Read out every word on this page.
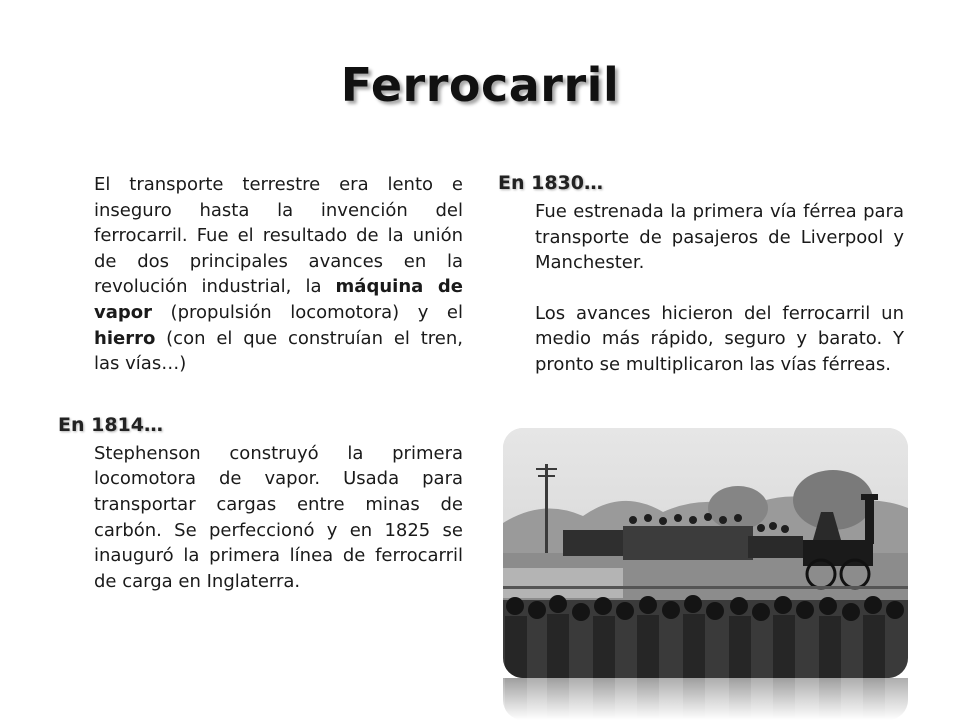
Ferrocarril

El transporte terrestre era lento e inseguro hasta la invención del ferrocarril. Fue el resultado de la unión de dos principales avances en la revolución industrial, la máquina de vapor (propulsión locomotora) y el hierro (con el que construían el tren, las vías…)

En 1814…

Stephenson construyó la primera locomotora de vapor. Usada para transportar cargas entre minas de carbón. Se perfeccionó y en 1825 se inauguró la primera línea de ferrocarril de carga en Inglaterra.

En 1830…

Fue estrenada la primera vía férrea para transporte de pasajeros de Liverpool y Manchester.

Los avances hicieron del ferrocarril un medio más rápido, seguro y barato. Y pronto se multiplicaron las vías férreas.
